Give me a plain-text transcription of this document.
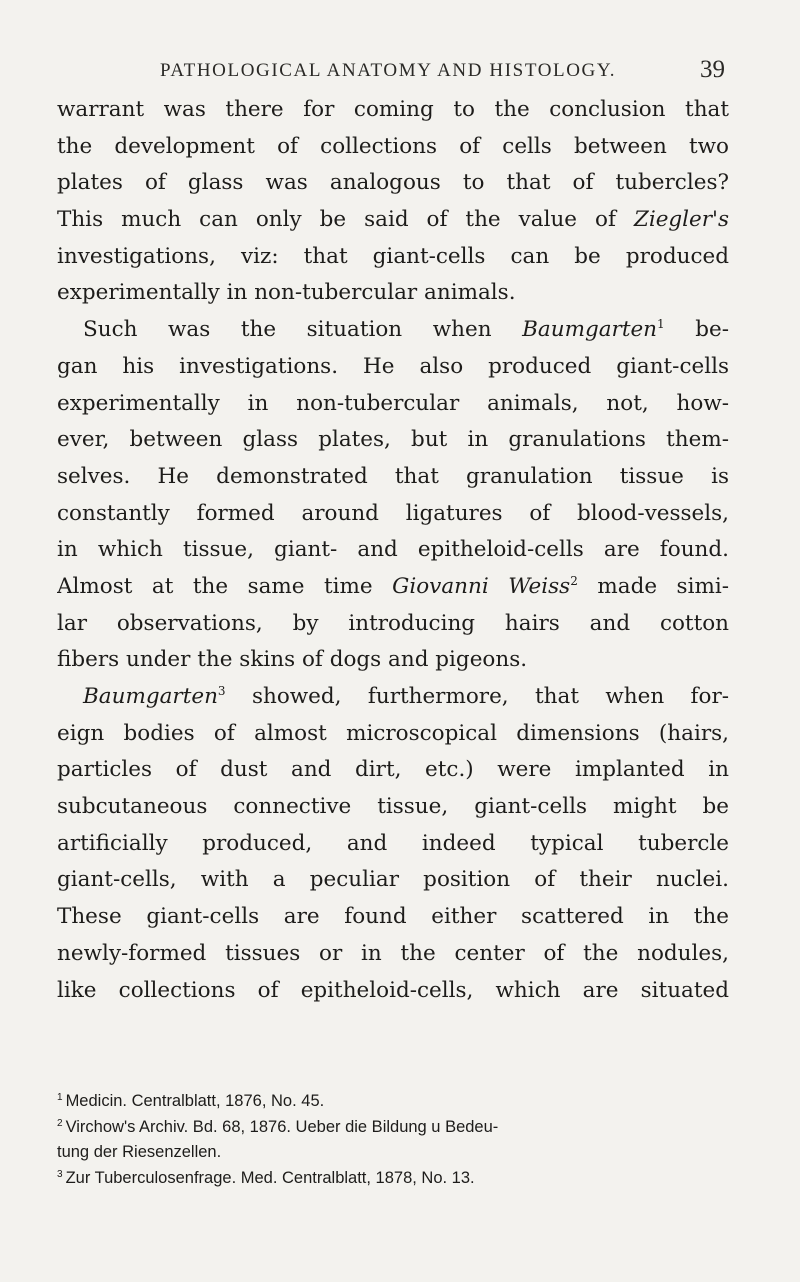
PATHOLOGICAL ANATOMY AND HISTOLOGY.	39
warrant was there for coming to the conclusion that
the development of collections of cells between two
plates of glass was analogous to that of tubercles?
This much can only be said of the value of Ziegler's
investigations, viz: that giant-cells can be produced
experimentally in non-tubercular animals.
Such was the situation when Baumgarten$^1$ be-
gan his investigations. He also produced giant-cells
experimentally in non-tubercular animals, not, how-
ever, between glass plates, but in granulations them-
selves. He demonstrated that granulation tissue is
constantly formed around ligatures of blood-vessels,
in which tissue, giant- and epitheloid-cells are found.
Almost at the same time Giovanni Weiss$^2$ made simi-
lar observations, by introducing hairs and cotton
fibers under the skins of dogs and pigeons.
Baumgarten$^3$ showed, furthermore, that when for-
eign bodies of almost microscopical dimensions (hairs,
particles of dust and dirt, etc.) were implanted in
subcutaneous connective tissue, giant-cells might be
artificially produced, and indeed typical tubercle
giant-cells, with a peculiar position of their nuclei.
These giant-cells are found either scattered in the
newly-formed tissues or in the center of the nodules,
like collections of epitheloid-cells, which are situated
$^1$ Medicin. Centralblatt, 1876, No. 45.
$^2$ Virchow's Archiv. Bd. 68, 1876. Ueber die Bildung u Bedeu-
tung der Riesenzellen.
$^3$ Zur Tuberculosenfrage. Med. Centralblatt, 1878, No. 13.
